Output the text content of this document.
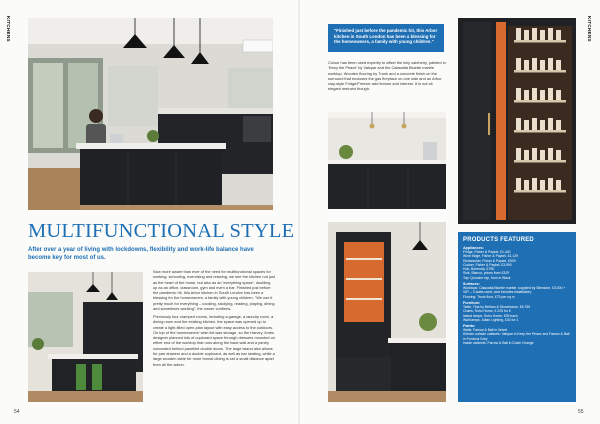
KITCHENS
MULTIFUNCTIONAL STYLE
After over a year of living with lockdowns, flexibility and work-life balance have become key for most of us.

Now more aware than ever of the need for multifunctional spaces for working, schooling, exercising and relaxing, we see the kitchen not just as the heart of the home, but also as an 'everything space', doubling up as an office, classroom, gym and even a bar. Finished just before the pandemic hit, this Arbor kitchen in South London has been a blessing for the homeowners, a family with young children. "We use it pretty much for everything – cooking, studying, reading, playing, dining and sometimes working", the owner confirms.

Previously four cramped rooms, including a garage, a laundry room, a dining room and the existing kitchen, the space was opened up to create a light-filled open-plan layout with easy access to the outdoors. On top of the homeowners' wish list was storage, so the Harvey Jones designer planned lots of cupboard space through dressers mounted on either end of the worktop that runs along the back wall and a pantry concealed behind panelled double doors. The large island also allows for pan drawers and a double cupboard, as well as bar seating, while a large wooden table for more formal dining is set a small distance apart from all the action.

54
KITCHENS
"Finished just before the pandemic hit, this Arbor kitchen in South London has been a blessing for the homeowners, a family with young children."
Colour has been used expertly to offset the inky cabinetry, painted in 'Keep the Peace' by Valspar and the Calacatta Bluette marble worktop. Wooden flooring by Trunk and a concrete finish on the surround that encloses the gas fireplace on one side and an Arbor clay-style Fridge/Freezer add texture and interest. It is not all elegant restraint though.
PRODUCTS FEATURED
Appliances:
Fridge, Fisher & Paykel, £1,440
Wine fridge, Fisher & Paykel, £1,129
Dishwasher, Fisher & Paykel, £949
Cooker, Fisher & Paykel, £3,990
Hob, Bohemia, £795
Sink, Blanco, prices from £329
Tap: Quooker tap, from in Black
Surfaces:
Worktops: Calacatta Bluette marble, supplied by Silestone, £3,000 + VAT – 3 slabs used, cost includes installation)
Flooring: Trunk floor, £79 per sq m
Furniture:
Table, Tina by Bethan & Stonehouse, £5,765
Chairs, Soho Home, £ 225 for 6
Island lamps: Soho Home, £99 each
Wall lamps: Julian Lighting, £30 for 2
Paints:
Walls: Farrow & Ball in Velvet
Kitchen outside cabinets: Valspar in Keep the Peace and Farrow & Ball in Pomona Grey
Inside cabinets: Farrow & Ball in Dutch Orange
55
